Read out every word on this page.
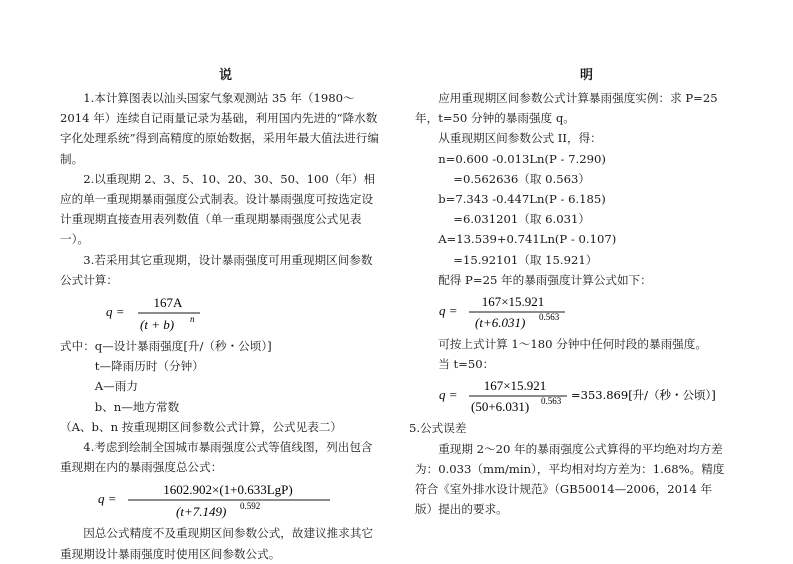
说	明

1.本计算图表以汕头国家气象观测站 35 年（1980～2014 年）连续自记雨量记录为基础，利用国内先进的“降水数字化处理系统”得到高精度的原始数据，采用年最大值法进行编制。

2.以重现期 2、3、5、10、20、30、50、100（年）相应的单一重现期暴雨强度公式制表。设计暴雨强度可按选定设计重现期直接查用表列数值（单一重现期暴雨强度公式见表一）。

3.若采用其它重现期，设计暴雨强度可用重现期区间参数公式计算：

q =
167A
(t + b) n

式中：q—设计暴雨强度[升/（秒・公顷）]

t—降雨历时（分钟）

A—雨力

b、n—地方常数

（A、b、n 按重现期区间参数公式计算，公式见表二）

4.考虑到绘制全国城市暴雨强度公式等值线图，列出包含重现期在内的暴雨强度总公式：

q =
1602.902×(1+0.633LgP)
(t+7.149) 0.592

因总公式精度不及重现期区间参数公式，故建议推求其它重现期设计暴雨强度时使用区间参数公式。

应用重现期区间参数公式计算暴雨强度实例：求 P=25 年，t=50 分钟的暴雨强度 q。

从重现期区间参数公式 II，得：

n=0.600 -0.013Ln(P - 7.290)

=0.562636（取 0.563）

b=7.343 -0.447Ln(P - 6.185)

=6.031201（取 6.031）

A=13.539+0.741Ln(P - 0.107)

=15.92101（取 15.921）

配得 P=25 年的暴雨强度计算公式如下：

q =
167×15.921
(t+6.031) 0.563

可按上式计算 1～180 分钟中任何时段的暴雨强度。

当 t=50：

q =
167×15.921
(50+6.031) 0.563 =353.869[升/（秒・公顷）]

5.公式误差

重现期 2～20 年的暴雨强度公式算得的平均绝对均方差为：0.033（mm/min），平均相对均方差为：1.68%。精度符合《室外排水设计规范》（GB50014—2006，2014 年版）提出的要求。
